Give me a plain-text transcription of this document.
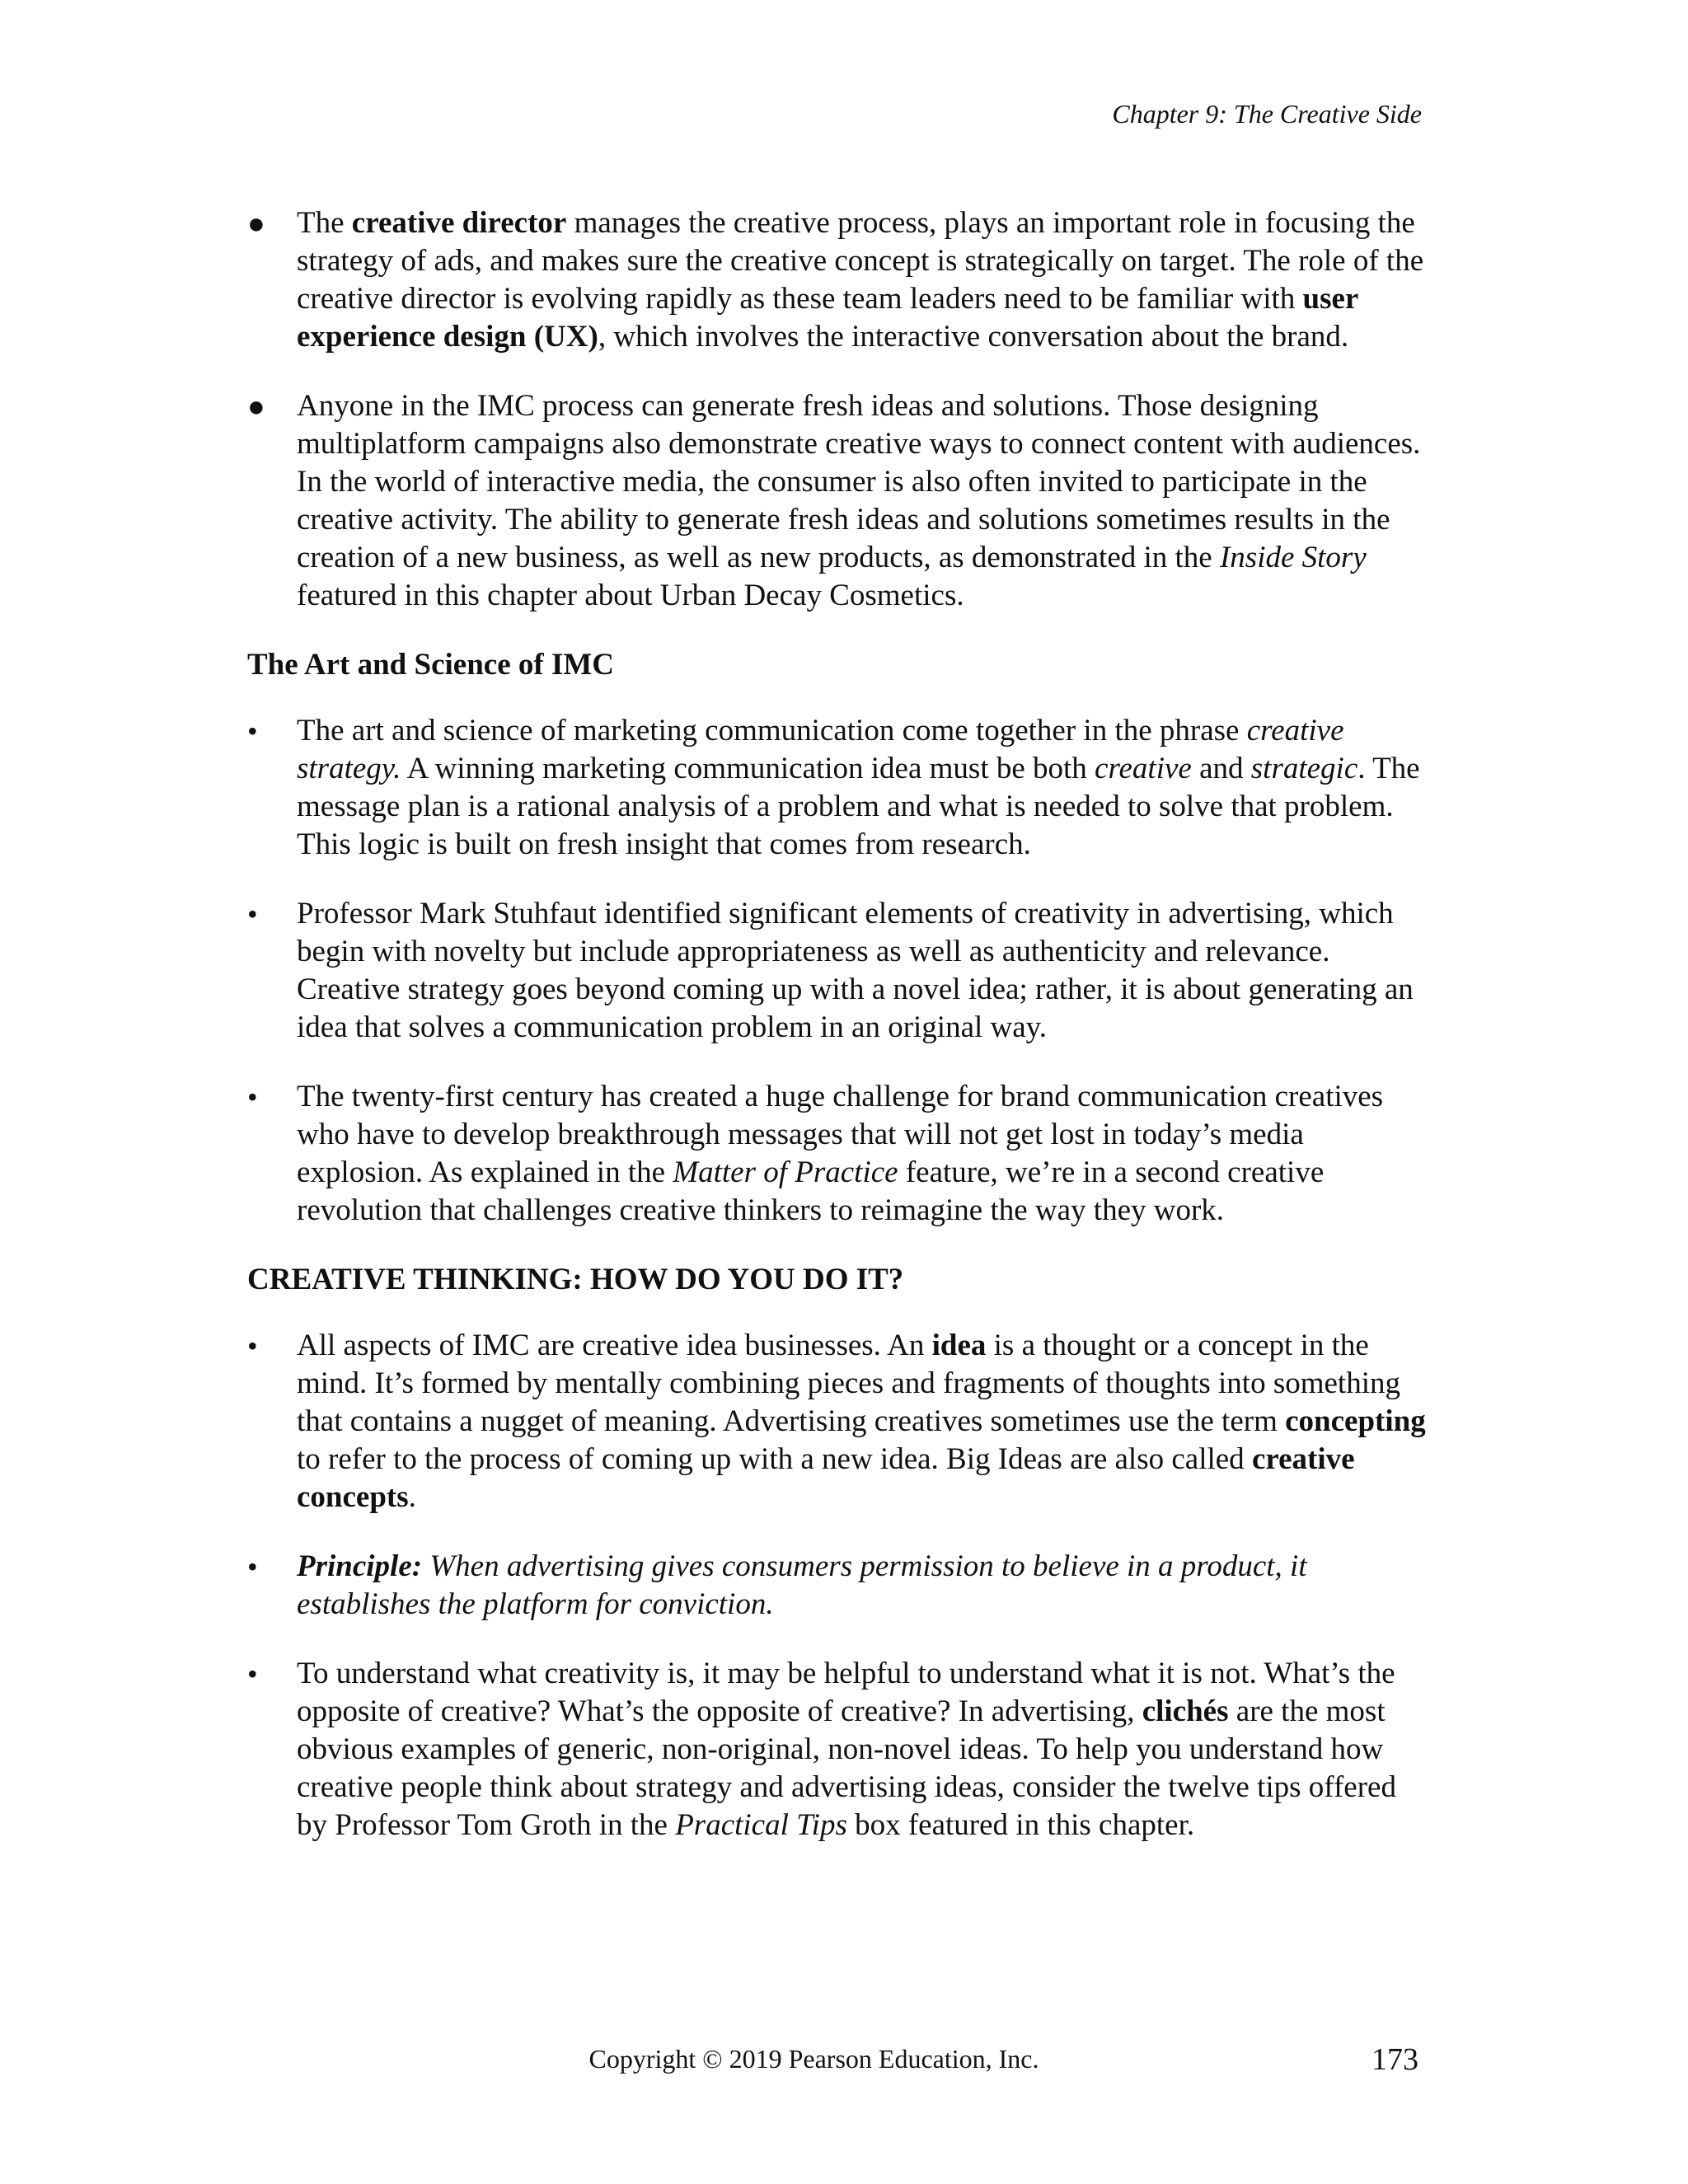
Chapter 9: The Creative Side
● The creative director manages the creative process, plays an important role in focusing the strategy of ads, and makes sure the creative concept is strategically on target. The role of the creative director is evolving rapidly as these team leaders need to be familiar with user experience design (UX), which involves the interactive conversation about the brand.
● Anyone in the IMC process can generate fresh ideas and solutions. Those designing multiplatform campaigns also demonstrate creative ways to connect content with audiences. In the world of interactive media, the consumer is also often invited to participate in the creative activity. The ability to generate fresh ideas and solutions sometimes results in the creation of a new business, as well as new products, as demonstrated in the Inside Story featured in this chapter about Urban Decay Cosmetics.
The Art and Science of IMC
•	The art and science of marketing communication come together in the phrase creative strategy. A winning marketing communication idea must be both creative and strategic. The message plan is a rational analysis of a problem and what is needed to solve that problem. This logic is built on fresh insight that comes from research.
•	Professor Mark Stuhfaut identified significant elements of creativity in advertising, which begin with novelty but include appropriateness as well as authenticity and relevance. Creative strategy goes beyond coming up with a novel idea; rather, it is about generating an idea that solves a communication problem in an original way.
•	The twenty-first century has created a huge challenge for brand communication creatives who have to develop breakthrough messages that will not get lost in today’s media explosion. As explained in the Matter of Practice feature, we’re in a second creative revolution that challenges creative thinkers to reimagine the way they work.
CREATIVE THINKING: HOW DO YOU DO IT?
•	All aspects of IMC are creative idea businesses. An idea is a thought or a concept in the mind. It’s formed by mentally combining pieces and fragments of thoughts into something that contains a nugget of meaning. Advertising creatives sometimes use the term concepting to refer to the process of coming up with a new idea. Big Ideas are also called creative concepts.
•	Principle: When advertising gives consumers permission to believe in a product, it establishes the platform for conviction.
•	To understand what creativity is, it may be helpful to understand what it is not. What’s the opposite of creative? What’s the opposite of creative? In advertising, clichés are the most obvious examples of generic, non-original, non-novel ideas. To help you understand how creative people think about strategy and advertising ideas, consider the twelve tips offered by Professor Tom Groth in the Practical Tips box featured in this chapter.
Copyright © 2019 Pearson Education, Inc.	173
